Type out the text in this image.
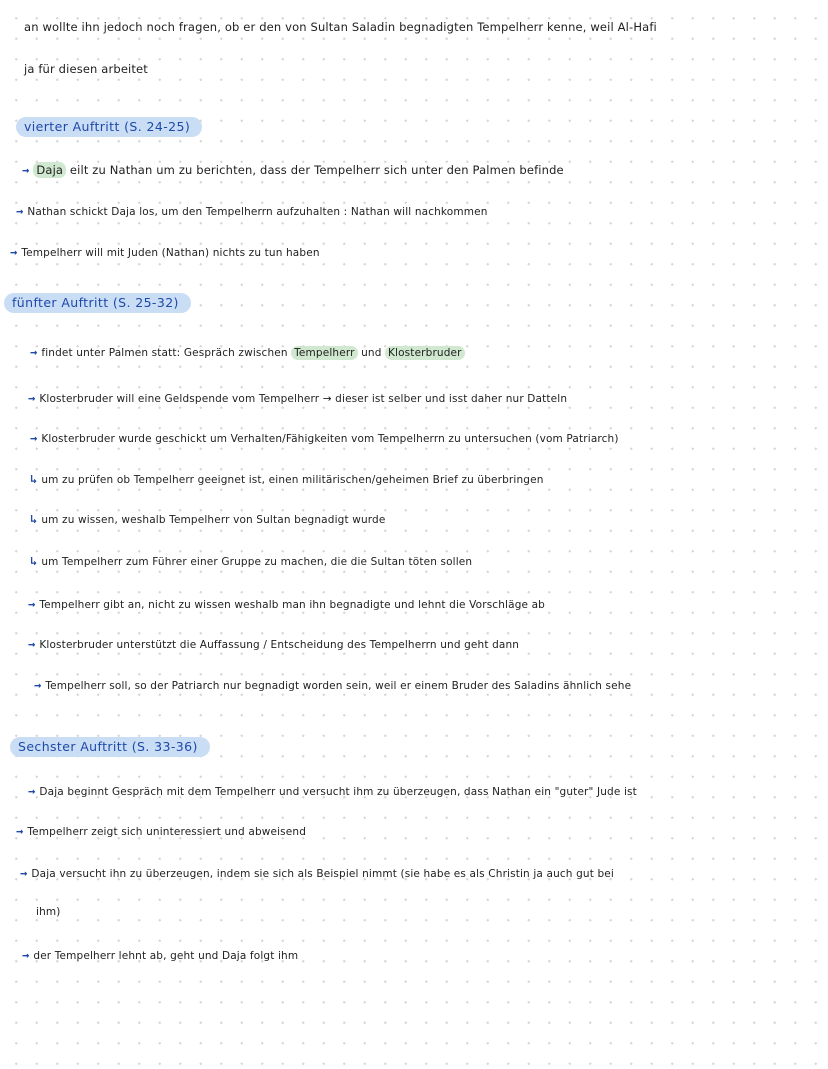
an wollte ihn jedoch noch fragen, ob er den von Sultan Saladin begnadigten Tempelherr kenne, weil Al-Hafi
ja für diesen arbeitet
vierter Auftritt (S. 24-25)
→ Daja eilt zu Nathan um zu berichten, dass der Tempelherr sich unter den Palmen befinde
→ Nathan schickt Daja los, um den Tempelherrn aufzuhalten : Nathan will nachkommen
→ Tempelherr will mit Juden (Nathan) nichts zu tun haben
fünfter Auftritt (S. 25-32)
→ findet unter Palmen statt: Gespräch zwischen Tempelherr und Klosterbruder
→ Klosterbruder will eine Geldspende vom Tempelherr → dieser ist selber und isst daher nur Datteln
→ Klosterbruder wurde geschickt um Verhalten/Fähigkeiten vom Tempelherrn zu untersuchen (vom Patriarch)
↳ um zu prüfen ob Tempelherr geeignet ist, einen militärischen/geheimen Brief zu überbringen
↳ um zu wissen, weshalb Tempelherr von Sultan begnadigt wurde
↳ um Tempelherr zum Führer einer Gruppe zu machen, die die Sultan töten sollen
→ Tempelherr gibt an, nicht zu wissen weshalb man ihn begnadigte und lehnt die Vorschläge ab
→ Klosterbruder unterstützt die Auffassung / Entscheidung des Tempelherrn und geht dann
→ Tempelherr soll, so der Patriarch nur begnadigt worden sein, weil er einem Bruder des Saladins ähnlich sehe
Sechster Auftritt (S. 33-36)
→ Daja beginnt Gespräch mit dem Tempelherr und versucht ihm zu überzeugen, dass Nathan ein "guter" Jude ist
→ Tempelherr zeigt sich uninteressiert und abweisend
→ Daja versucht ihn zu überzeugen, indem sie sich als Beispiel nimmt (sie habe es als Christin ja auch gut bei
ihm)
→ der Tempelherr lehnt ab, geht und Daja folgt ihm
